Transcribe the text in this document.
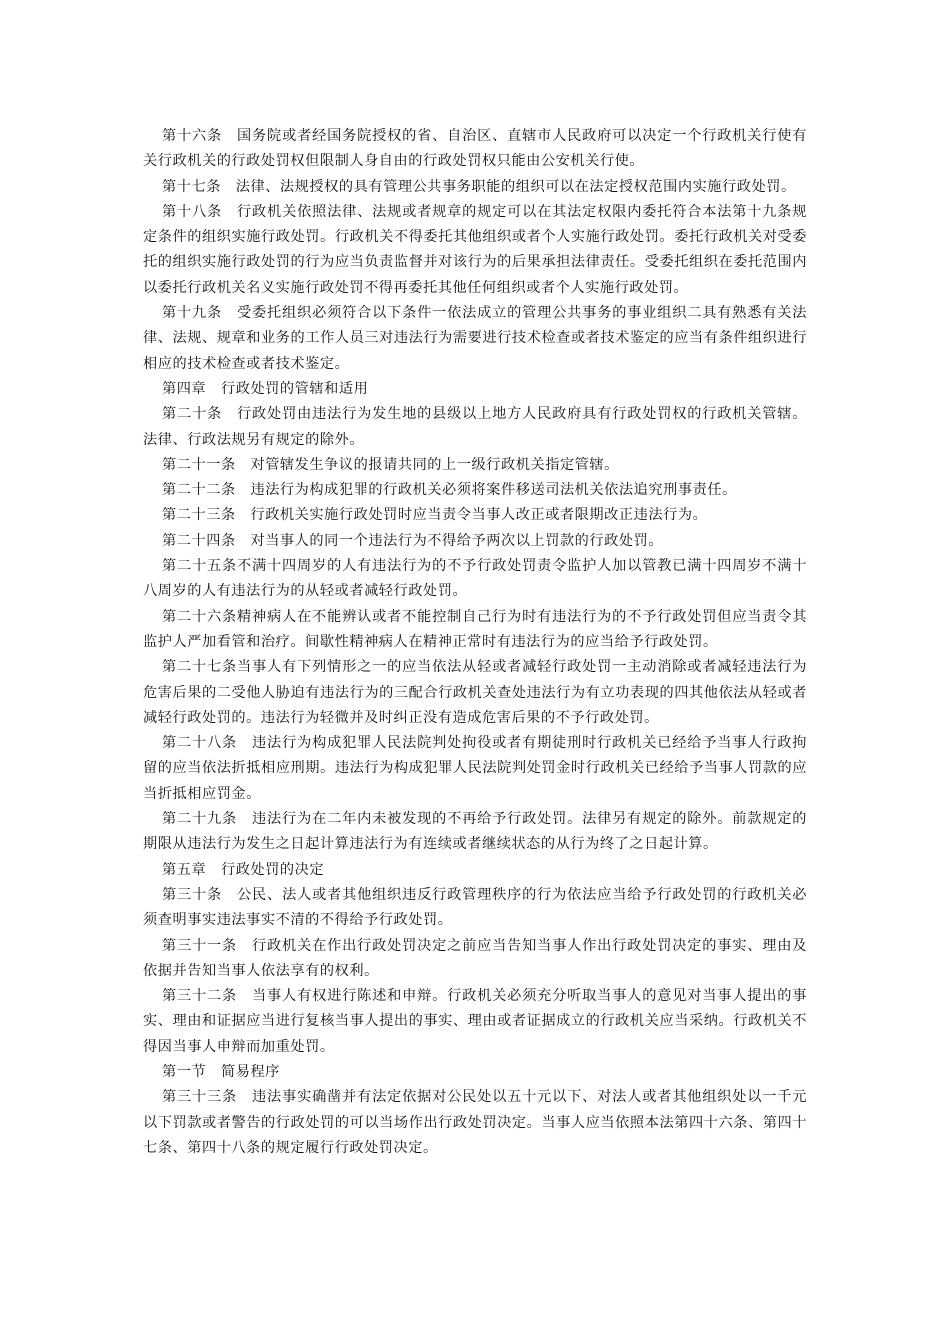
第十六条  国务院或者经国务院授权的省、自治区、直辖市人民政府可以决定一个行政机关行使有关行政机关的行政处罚权但限制人身自由的行政处罚权只能由公安机关行使。

第十七条  法律、法规授权的具有管理公共事务职能的组织可以在法定授权范围内实施行政处罚。

第十八条  行政机关依照法律、法规或者规章的规定可以在其法定权限内委托符合本法第十九条规定条件的组织实施行政处罚。行政机关不得委托其他组织或者个人实施行政处罚。委托行政机关对受委托的组织实施行政处罚的行为应当负责监督并对该行为的后果承担法律责任。受委托组织在委托范围内以委托行政机关名义实施行政处罚不得再委托其他任何组织或者个人实施行政处罚。

第十九条  受委托组织必须符合以下条件一依法成立的管理公共事务的事业组织二具有熟悉有关法律、法规、规章和业务的工作人员三对违法行为需要进行技术检查或者技术鉴定的应当有条件组织进行相应的技术检查或者技术鉴定。

第四章  行政处罚的管辖和适用

第二十条  行政处罚由违法行为发生地的县级以上地方人民政府具有行政处罚权的行政机关管辖。法律、行政法规另有规定的除外。

第二十一条  对管辖发生争议的报请共同的上一级行政机关指定管辖。

第二十二条  违法行为构成犯罪的行政机关必须将案件移送司法机关依法追究刑事责任。

第二十三条  行政机关实施行政处罚时应当责令当事人改正或者限期改正违法行为。

第二十四条  对当事人的同一个违法行为不得给予两次以上罚款的行政处罚。

第二十五条不满十四周岁的人有违法行为的不予行政处罚责令监护人加以管教已满十四周岁不满十八周岁的人有违法行为的从轻或者减轻行政处罚。

第二十六条精神病人在不能辨认或者不能控制自己行为时有违法行为的不予行政处罚但应当责令其监护人严加看管和治疗。间歇性精神病人在精神正常时有违法行为的应当给予行政处罚。

第二十七条当事人有下列情形之一的应当依法从轻或者减轻行政处罚一主动消除或者减轻违法行为危害后果的二受他人胁迫有违法行为的三配合行政机关查处违法行为有立功表现的四其他依法从轻或者减轻行政处罚的。违法行为轻微并及时纠正没有造成危害后果的不予行政处罚。

第二十八条  违法行为构成犯罪人民法院判处拘役或者有期徒刑时行政机关已经给予当事人行政拘留的应当依法折抵相应刑期。违法行为构成犯罪人民法院判处罚金时行政机关已经给予当事人罚款的应当折抵相应罚金。

第二十九条  违法行为在二年内未被发现的不再给予行政处罚。法律另有规定的除外。前款规定的期限从违法行为发生之日起计算违法行为有连续或者继续状态的从行为终了之日起计算。

第五章  行政处罚的决定

第三十条  公民、法人或者其他组织违反行政管理秩序的行为依法应当给予行政处罚的行政机关必须查明事实违法事实不清的不得给予行政处罚。

第三十一条  行政机关在作出行政处罚决定之前应当告知当事人作出行政处罚决定的事实、理由及依据并告知当事人依法享有的权利。

第三十二条  当事人有权进行陈述和申辩。行政机关必须充分听取当事人的意见对当事人提出的事实、理由和证据应当进行复核当事人提出的事实、理由或者证据成立的行政机关应当采纳。行政机关不得因当事人申辩而加重处罚。

第一节  简易程序

第三十三条  违法事实确凿并有法定依据对公民处以五十元以下、对法人或者其他组织处以一千元以下罚款或者警告的行政处罚的可以当场作出行政处罚决定。当事人应当依照本法第四十六条、第四十七条、第四十八条的规定履行行政处罚决定。
